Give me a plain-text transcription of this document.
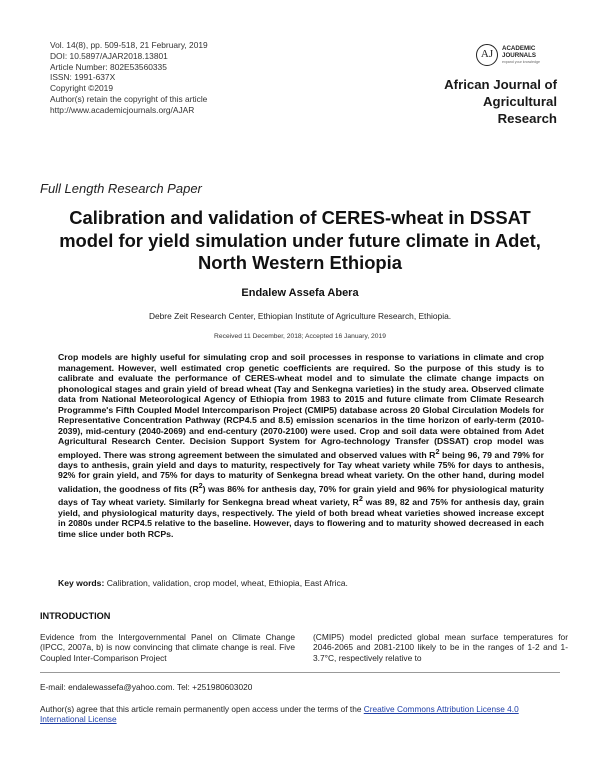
Vol. 14(8), pp. 509-518, 21 February, 2019
DOI: 10.5897/AJAR2018.13801
Article Number: 802E53560335
ISSN: 1991-637X
Copyright ©2019
Author(s) retain the copyright of this article
http://www.academicjournals.org/AJAR
AJ	ACADEMIC
JOURNALS
expand your knowledge
African Journal of Agricultural
Research
Full Length Research Paper
Calibration and validation of CERES-wheat in DSSAT model for yield simulation under future climate in Adet, North Western Ethiopia
Endalew Assefa Abera
Debre Zeit Research Center, Ethiopian Institute of Agriculture Research, Ethiopia.
Received 11 December, 2018; Accepted 16 January, 2019
Crop models are highly useful for simulating crop and soil processes in response to variations in climate and crop management. However, well estimated crop genetic coefficients are required. So the purpose of this study is to calibrate and evaluate the performance of CERES-wheat model and to simulate the climate change impacts on phonological stages and grain yield of bread wheat (Tay and Senkegna varieties) in the study area. Observed climate data from National Meteorological Agency of Ethiopia from 1983 to 2015 and future climate from Climate Research Programme's Fifth Coupled Model Intercomparison Project (CMIP5) database across 20 Global Circulation Models for Representative Concentration Pathway (RCP4.5 and 8.5) emission scenarios in the time horizon of early-term (2010-2039), mid-century (2040-2069) and end-century (2070-2100) were used. Crop and soil data were obtained from Adet Agricultural Research Center. Decision Support System for Agro-technology Transfer (DSSAT) crop model was employed. There was strong agreement between the simulated and observed values with $R^2$ being 96, 79 and 79% for days to anthesis, grain yield and days to maturity, respectively for Tay wheat variety while 75% for days to anthesis, 92% for grain yield, and 75% for days to maturity of Senkegna bread wheat variety. On the other hand, during model validation, the goodness of fits $(R^2)$ was 86% for anthesis day, 70% for grain yield and 96% for physiological maturity days of Tay wheat variety. Similarly for Senkegna bread wheat variety, $R^2$ was 89, 82 and 75% for anthesis day, grain yield, and physiological maturity days, respectively. The yield of both bread wheat varieties showed increase except in 2080s under RCP4.5 relative to the baseline. However, days to flowering and to maturity showed decreased in each time slice under both RCPs.
Key words: Calibration, validation, crop model, wheat, Ethiopia, East Africa.
INTRODUCTION
Evidence from the Intergovernmental Panel on Climate Change (IPCC, 2007a, b) is now convincing that climate change is real. Five Coupled Inter-Comparison Project
(CMIP5) model predicted global mean surface temperatures for 2046-2065 and 2081-2100 likely to be in the ranges of 1-2 and 1-3.7°C, respectively relative to
E-mail: endalewassefa@yahoo.com. Tel: +251980603020
Author(s) agree that this article remain permanently open access under the terms of the Creative Commons Attribution License 4.0 International License
